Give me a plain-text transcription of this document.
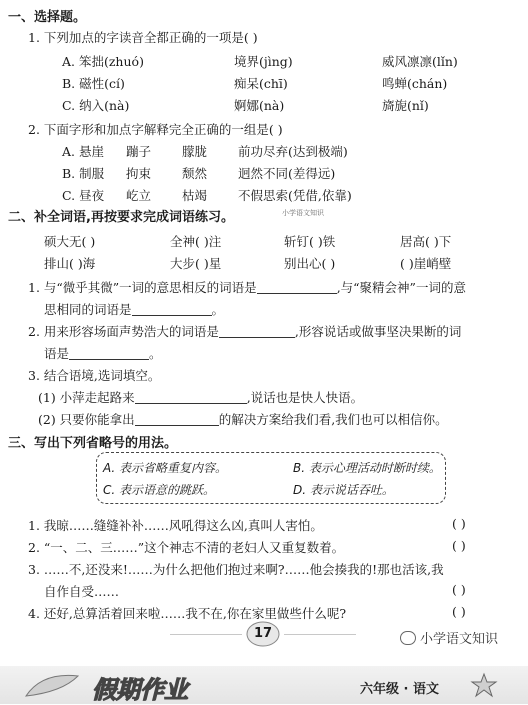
一、选择题。
1. 下列加点的字读音全都正确的一项是( )
A. 笨拙(zhuó)	境界(jìng)	威风凛凛(lǐn)
B. 磁性(cí)	痴呆(chī)	鸣蝉(chán)
C. 纳入(nà)	婀娜(nà)	旖旎(nǐ)
2. 下面字形和加点字解释完全正确的一组是( )
A. 悬崖 蹦子 朦胧 前功尽弃(达到极端)
B. 制服 拘束 颓然 迥然不同(差得远)
C. 昼夜 屹立 枯竭 不假思索(凭借,依靠)
二、补全词语,再按要求完成词语练习。	小学语文知识
硕大无( )	全神( )注	斩钉( )铁	居高( )下
排山( )海	大步( )星	别出心( )	( )崖峭壁
1. 与“微乎其微”一词的意思相反的词语是	,与“聚精会神”一词的意
思相同的词语是	。
2. 用来形容场面声势浩大的词语是	,形容说话或做事坚决果断的词
语是	。
3. 结合语境,选词填空。
(1) 小萍走起路来	,说话也是快人快语。
(2) 只要你能拿出	的解决方案给我们看,我们也可以相信你。
三、写出下列省略号的用法。
A. 表示省略重复内容。	B. 表示心理活动时断时续。
C. 表示语意的跳跃。	D. 表示说话吞吐。
1. 我晾……缝缝补补……风吼得这么凶,真叫人害怕。	( )
2. “一、二、三……”这个神志不清的老妇人又重复数着。	( )
3. ……不,还没来!……为什么把他们抱过来啊?……他会揍我的!那也活该,我
自作自受……	( )
4. 还好,总算活着回来啦……我不在,你在家里做些什么呢?	( )
17	小学语文知识
假期作业	六年级 · 语文
